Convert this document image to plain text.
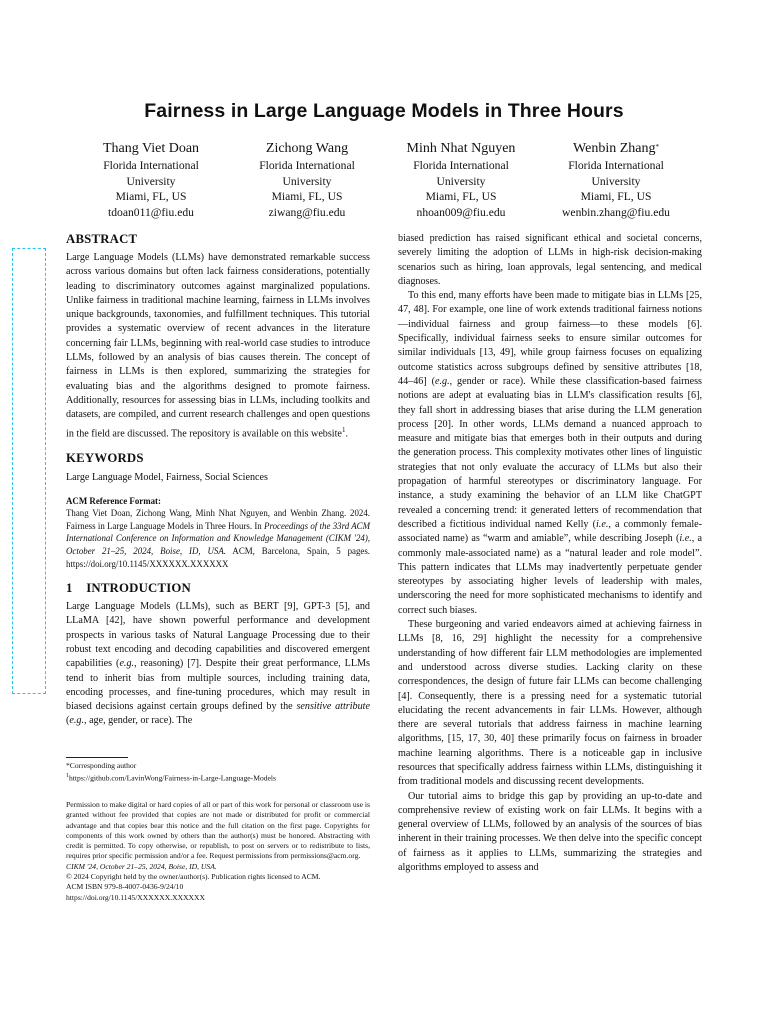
Fairness in Large Language Models in Three Hours
Thang Viet Doan
Florida International
University
Miami, FL, US
tdoan011@fiu.edu
Zichong Wang
Florida International
University
Miami, FL, US
ziwang@fiu.edu
Minh Nhat Nguyen
Florida International
University
Miami, FL, US
nhoan009@fiu.edu
Wenbin Zhang*
Florida International
University
Miami, FL, US
wenbin.zhang@fiu.edu
ABSTRACT

Large Language Models (LLMs) have demonstrated remarkable success across various domains but often lack fairness considerations, potentially leading to discriminatory outcomes against marginalized populations. Unlike fairness in traditional machine learning, fairness in LLMs involves unique backgrounds, taxonomies, and fulfillment techniques. This tutorial provides a systematic overview of recent advances in the literature concerning fair LLMs, beginning with real-world case studies to introduce LLMs, followed by an analysis of bias causes therein. The concept of fairness in LLMs is then explored, summarizing the strategies for evaluating bias and the algorithms designed to promote fairness. Additionally, resources for assessing bias in LLMs, including toolkits and datasets, are compiled, and current research challenges and open questions in the field are discussed. The repository is available on this website$^1$.

KEYWORDS

Large Language Model, Fairness, Social Sciences

ACM Reference Format:

Thang Viet Doan, Zichong Wang, Minh Nhat Nguyen, and Wenbin Zhang. 2024. Fairness in Large Language Models in Three Hours. In Proceedings of the 33rd ACM International Conference on Information and Knowledge Management (CIKM '24), October 21–25, 2024, Boise, ID, USA. ACM, Barcelona, Spain, 5 pages. https://doi.org/10.1145/XXXXXX.XXXXXX

1    INTRODUCTION

Large Language Models (LLMs), such as BERT [9], GPT-3 [5], and LLaMA [42], have shown powerful performance and development prospects in various tasks of Natural Language Processing due to their robust text encoding and decoding capabilities and discovered emergent capabilities (e.g., reasoning) [7]. Despite their great performance, LLMs tend to inherit bias from multiple sources, including training data, encoding processes, and fine-tuning procedures, which may result in biased decisions against certain groups defined by the sensitive attribute (e.g., age, gender, or race). The

*Corresponding author
$^1$https://github.com/LavinWong/Fairness-in-Large-Language-Models

Permission to make digital or hard copies of all or part of this work for personal or classroom use is granted without fee provided that copies are not made or distributed for profit or commercial advantage and that copies bear this notice and the full citation on the first page. Copyrights for components of this work owned by others than the author(s) must be honored. Abstracting with credit is permitted. To copy otherwise, or republish, to post on servers or to redistribute to lists, requires prior specific permission and/or a fee. Request permissions from permissions@acm.org.

CIKM '24, October 21–25, 2024, Boise, ID, USA.

© 2024 Copyright held by the owner/author(s). Publication rights licensed to ACM.

ACM ISBN 979-8-4007-0436-9/24/10

https://doi.org/10.1145/XXXXXX.XXXXXX

biased prediction has raised significant ethical and societal concerns, severely limiting the adoption of LLMs in high-risk decision-making scenarios such as hiring, loan approvals, legal sentencing, and medical diagnoses.

To this end, many efforts have been made to mitigate bias in LLMs [25, 47, 48]. For example, one line of work extends traditional fairness notions—individual fairness and group fairness—to these models [6]. Specifically, individual fairness seeks to ensure similar outcomes for similar individuals [13, 49], while group fairness focuses on equalizing outcome statistics across subgroups defined by sensitive attributes [18, 44–46] (e.g., gender or race). While these classification-based fairness notions are adept at evaluating bias in LLM's classification results [6], they fall short in addressing biases that arise during the LLM generation process [20]. In other words, LLMs demand a nuanced approach to measure and mitigate bias that emerges both in their outputs and during the generation process. This complexity motivates other lines of linguistic strategies that not only evaluate the accuracy of LLMs but also their propagation of harmful stereotypes or discriminatory language. For instance, a study examining the behavior of an LLM like ChatGPT revealed a concerning trend: it generated letters of recommendation that described a fictitious individual named Kelly (i.e., a commonly female-associated name) as “warm and amiable”, while describing Joseph (i.e., a commonly male-associated name) as a “natural leader and role model”. This pattern indicates that LLMs may inadvertently perpetuate gender stereotypes by associating higher levels of leadership with males, underscoring the need for more sophisticated mechanisms to identify and correct such biases.

These burgeoning and varied endeavors aimed at achieving fairness in LLMs [8, 16, 29] highlight the necessity for a comprehensive understanding of how different fair LLM methodologies are implemented and understood across diverse studies. Lacking clarity on these correspondences, the design of future fair LLMs can become challenging [4]. Consequently, there is a pressing need for a systematic tutorial elucidating the recent advancements in fair LLMs. However, although there are several tutorials that address fairness in machine learning algorithms, [15, 17, 30, 40] these primarily focus on fairness in broader machine learning algorithms. There is a noticeable gap in inclusive resources that specifically address fairness within LLMs, distinguishing it from traditional models and discussing recent developments.

Our tutorial aims to bridge this gap by providing an up-to-date and comprehensive review of existing work on fair LLMs. It begins with a general overview of LLMs, followed by an analysis of the sources of bias inherent in their training processes. We then delve into the specific concept of fairness as it applies to LLMs, summarizing the strategies and algorithms employed to assess and
